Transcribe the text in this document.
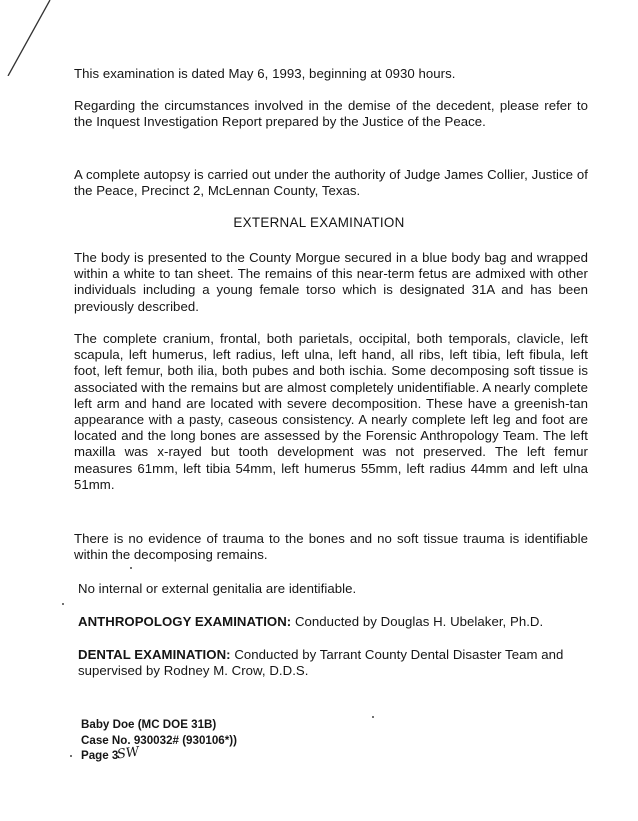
This examination is dated May 6, 1993, beginning at 0930 hours.
Regarding the circumstances involved in the demise of the decedent, please refer to the Inquest Investigation Report prepared by the Justice of the Peace.
A complete autopsy is carried out under the authority of Judge James Collier, Justice of the Peace, Precinct 2, McLennan County, Texas.
EXTERNAL EXAMINATION
The body is presented to the County Morgue secured in a blue body bag and wrapped within a white to tan sheet. The remains of this near-term fetus are admixed with other individuals including a young female torso which is designated 31A and has been previously described.
The complete cranium, frontal, both parietals, occipital, both temporals, clavicle, left scapula, left humerus, left radius, left ulna, left hand, all ribs, left tibia, left fibula, left foot, left femur, both ilia, both pubes and both ischia. Some decomposing soft tissue is associated with the remains but are almost completely unidentifiable. A nearly complete left arm and hand are located with severe decomposition. These have a greenish-tan appearance with a pasty, caseous consistency. A nearly complete left leg and foot are located and the long bones are assessed by the Forensic Anthropology Team. The left maxilla was x-rayed but tooth development was not preserved. The left femur measures 61mm, left tibia 54mm, left humerus 55mm, left radius 44mm and left ulna 51mm.
There is no evidence of trauma to the bones and no soft tissue trauma is identifiable within the decomposing remains.
No internal or external genitalia are identifiable.
ANTHROPOLOGY EXAMINATION: Conducted by Douglas H. Ubelaker, Ph.D.
DENTAL EXAMINATION: Conducted by Tarrant County Dental Disaster Team and supervised by Rodney M. Crow, D.D.S.
Baby Doe (MC DOE 31B)
Case No. 930032# (930106*))
Page 3
SW
